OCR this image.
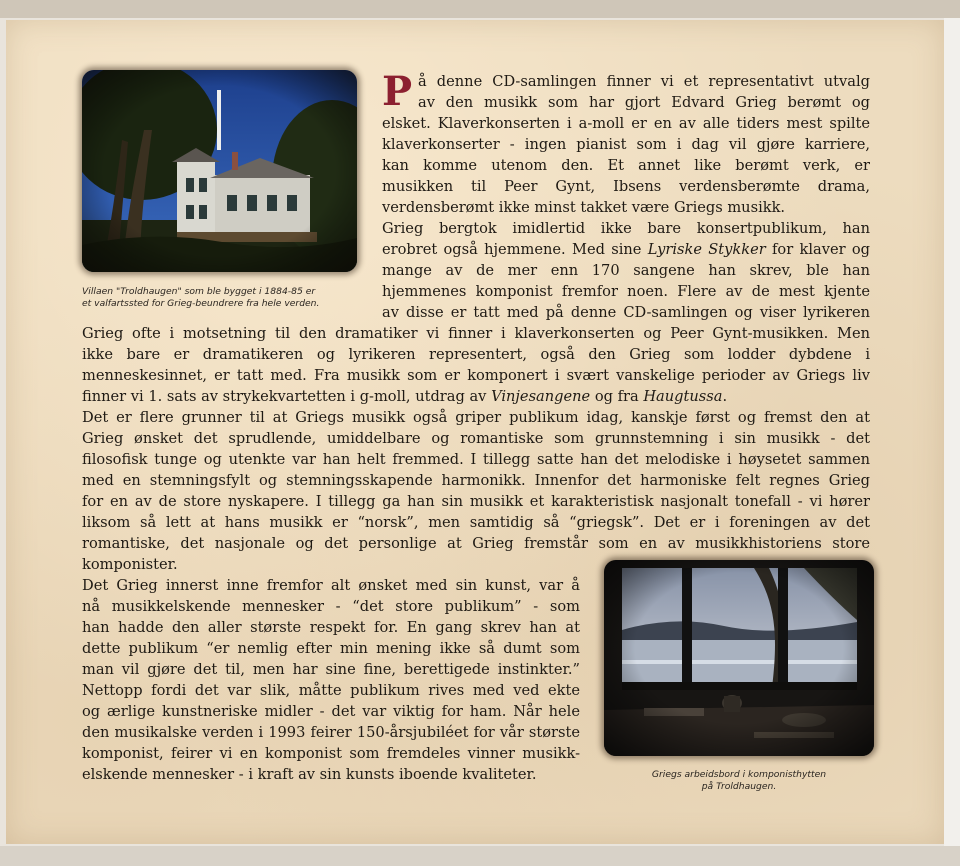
Villaen "Troldhaugen" som ble bygget i 1884-85 er
et valfartssted for Grieg-beundrere fra hele verden.
Griegs arbeidsbord i komponisthytten
på Troldhaugen.
P å denne CD-samlingen finner vi et representativt utvalg
av den musikk som har gjort Edvard Grieg berømt og
elsket. Klaverkonserten i a-moll er en av alle tiders mest spilte
klaverkonserter - ingen pianist som i dag vil gjøre karriere,
kan komme utenom den. Et annet like berømt verk, er
musikken til Peer Gynt, Ibsens verdensberømte drama,
verdensberømt ikke minst takket være Griegs musikk.
Grieg bergtok imidlertid ikke bare konsertpublikum, han
erobret også hjemmene. Med sine Lyriske Stykker for klaver og
mange av de mer enn 170 sangene han skrev, ble han
hjemmenes komponist fremfor noen. Flere av de mest kjente
av disse er tatt med på denne CD-samlingen og viser lyrikeren
Grieg ofte i motsetning til den dramatiker vi finner i klaverkonserten og Peer Gynt-musikken. Men
ikke bare er dramatikeren og lyrikeren representert, også den Grieg som lodder dybdene i
menneskesinnet, er tatt med. Fra musikk som er komponert i svært vanskelige perioder av Griegs liv
finner vi 1. sats av strykekvartetten i g-moll, utdrag av Vinjesangene og fra Haugtussa.
Det er flere grunner til at Griegs musikk også griper publikum idag, kanskje først og fremst den at
Grieg ønsket det sprudlende, umiddelbare og romantiske som grunnstemning i sin musikk - det
filosofisk tunge og utenkte var han helt fremmed. I tillegg satte han det melodiske i høysetet sammen
med en stemningsfylt og stemningsskapende harmonikk. Innenfor det harmoniske felt regnes Grieg
for en av de store nyskapere. I tillegg ga han sin musikk et karakteristisk nasjonalt tonefall - vi hører
liksom så lett at hans musikk er “norsk”, men samtidig så “griegsk”. Det er i foreningen av det
romantiske, det nasjonale og det personlige at Grieg fremstår som en av musikkhistoriens store
komponister.
Det Grieg innerst inne fremfor alt ønsket med sin kunst, var å
nå musikkelskende mennesker - “det store publikum” - som
han hadde den aller største respekt for. En gang skrev han at
dette publikum “er nemlig efter min mening ikke så dumt som
man vil gjøre det til, men har sine fine, berettigede instinkter.”
Nettopp fordi det var slik, måtte publikum rives med ved ekte
og ærlige kunstneriske midler - det var viktig for ham. Når hele
den musikalske verden i 1993 feirer 150-årsjubiléet for vår største
komponist, feirer vi en komponist som fremdeles vinner musikk-
elskende mennesker - i kraft av sin kunsts iboende kvaliteter.
